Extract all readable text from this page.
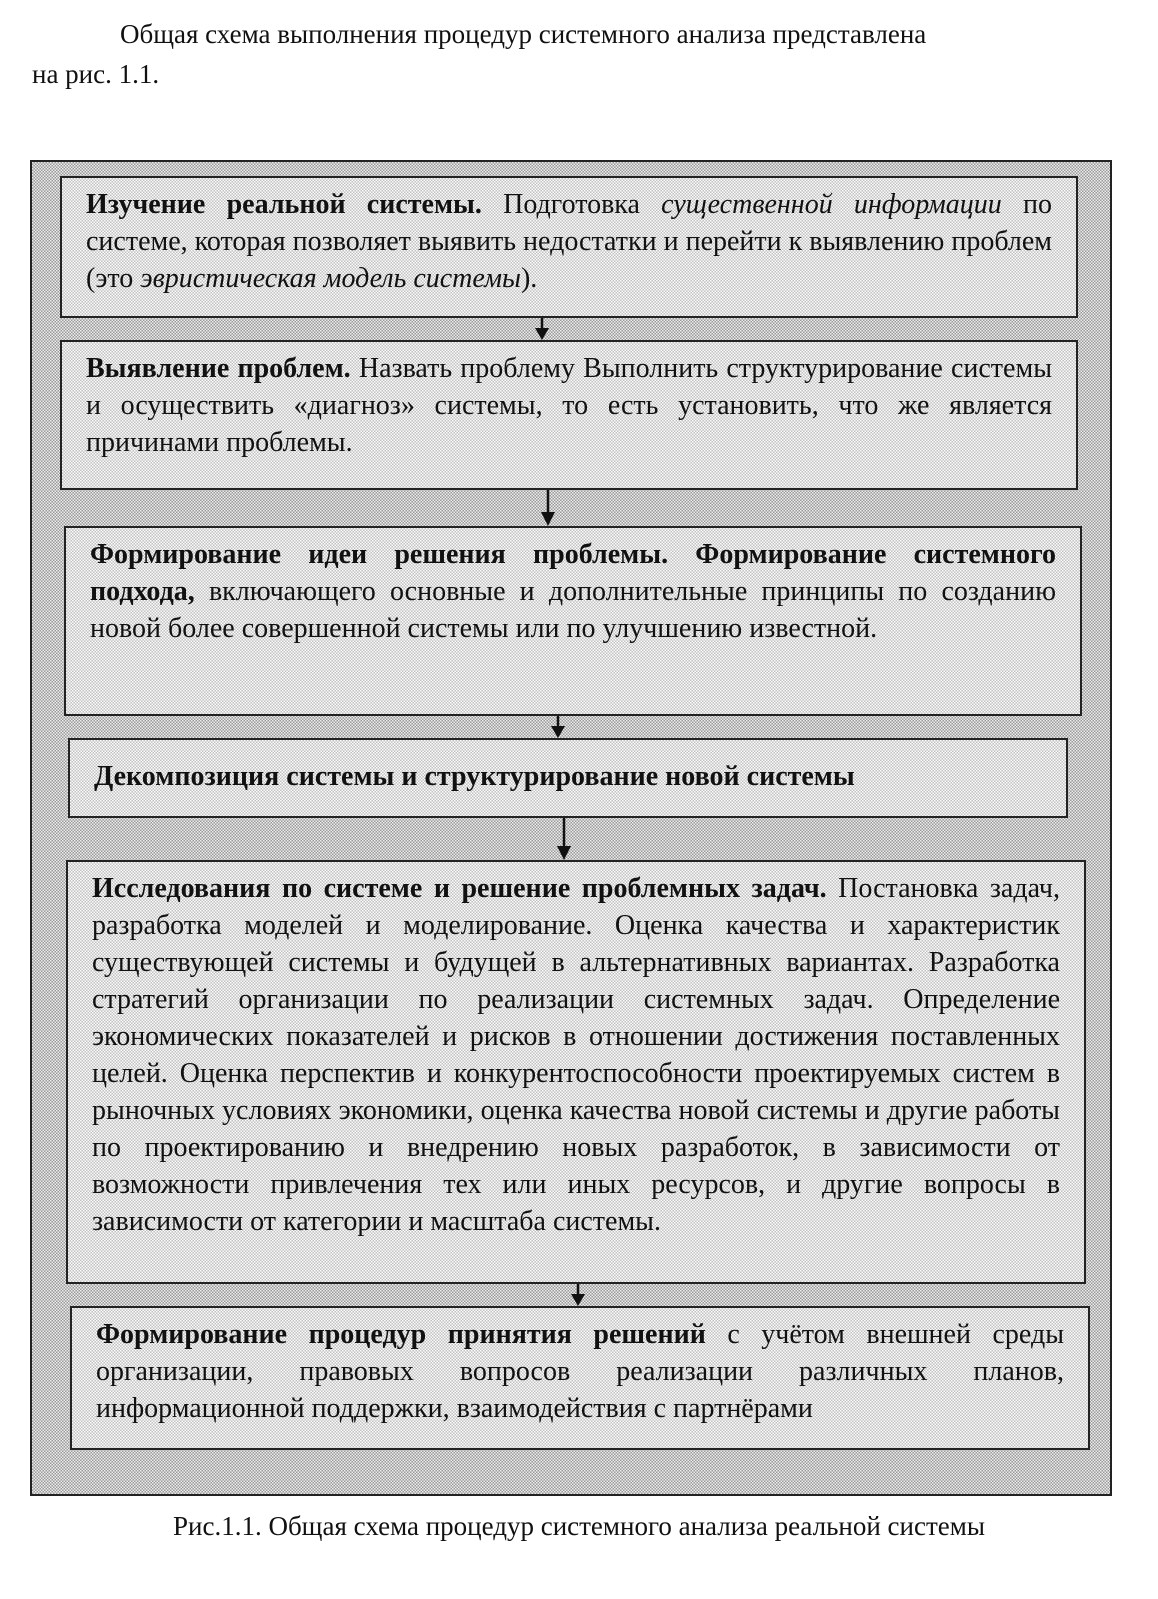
Общая схема выполнения процедур системного анализа представлена
на рис. 1.1.
Изучение реальной системы. Подготовка существенной информации по системе, которая позволяет выявить недостатки и перейти к выявлению проблем (это эвристическая модель системы).
Выявление проблем. Назвать проблему Выполнить структурирование системы и осуществить «диагноз» системы, то есть установить, что же является причинами проблемы.
Формирование идеи решения проблемы. Формирование системного подхода, включающего основные и дополнительные принципы по созданию новой более совершенной системы или по улучшению известной.
Декомпозиция системы и структурирование новой системы
Исследования по системе и решение проблемных задач. Постановка задач, разработка моделей и моделирование. Оценка качества и характеристик существующей системы и будущей в альтернативных вариантах. Разработка стратегий организации по реализации системных задач. Определение экономических показателей и рисков в отношении достижения поставленных целей. Оценка перспектив и конкурентоспособности проектируемых систем в рыночных условиях экономики, оценка качества новой системы и другие работы по проектированию и внедрению новых разработок, в зависимости от возможности привлечения тех или иных ресурсов, и другие вопросы в зависимости от категории и масштаба системы.
Формирование процедур принятия решений с учётом внешней среды организации, правовых вопросов реализации различных планов, информационной поддержки, взаимодействия с партнёрами
Рис.1.1. Общая схема процедур системного анализа реальной системы
